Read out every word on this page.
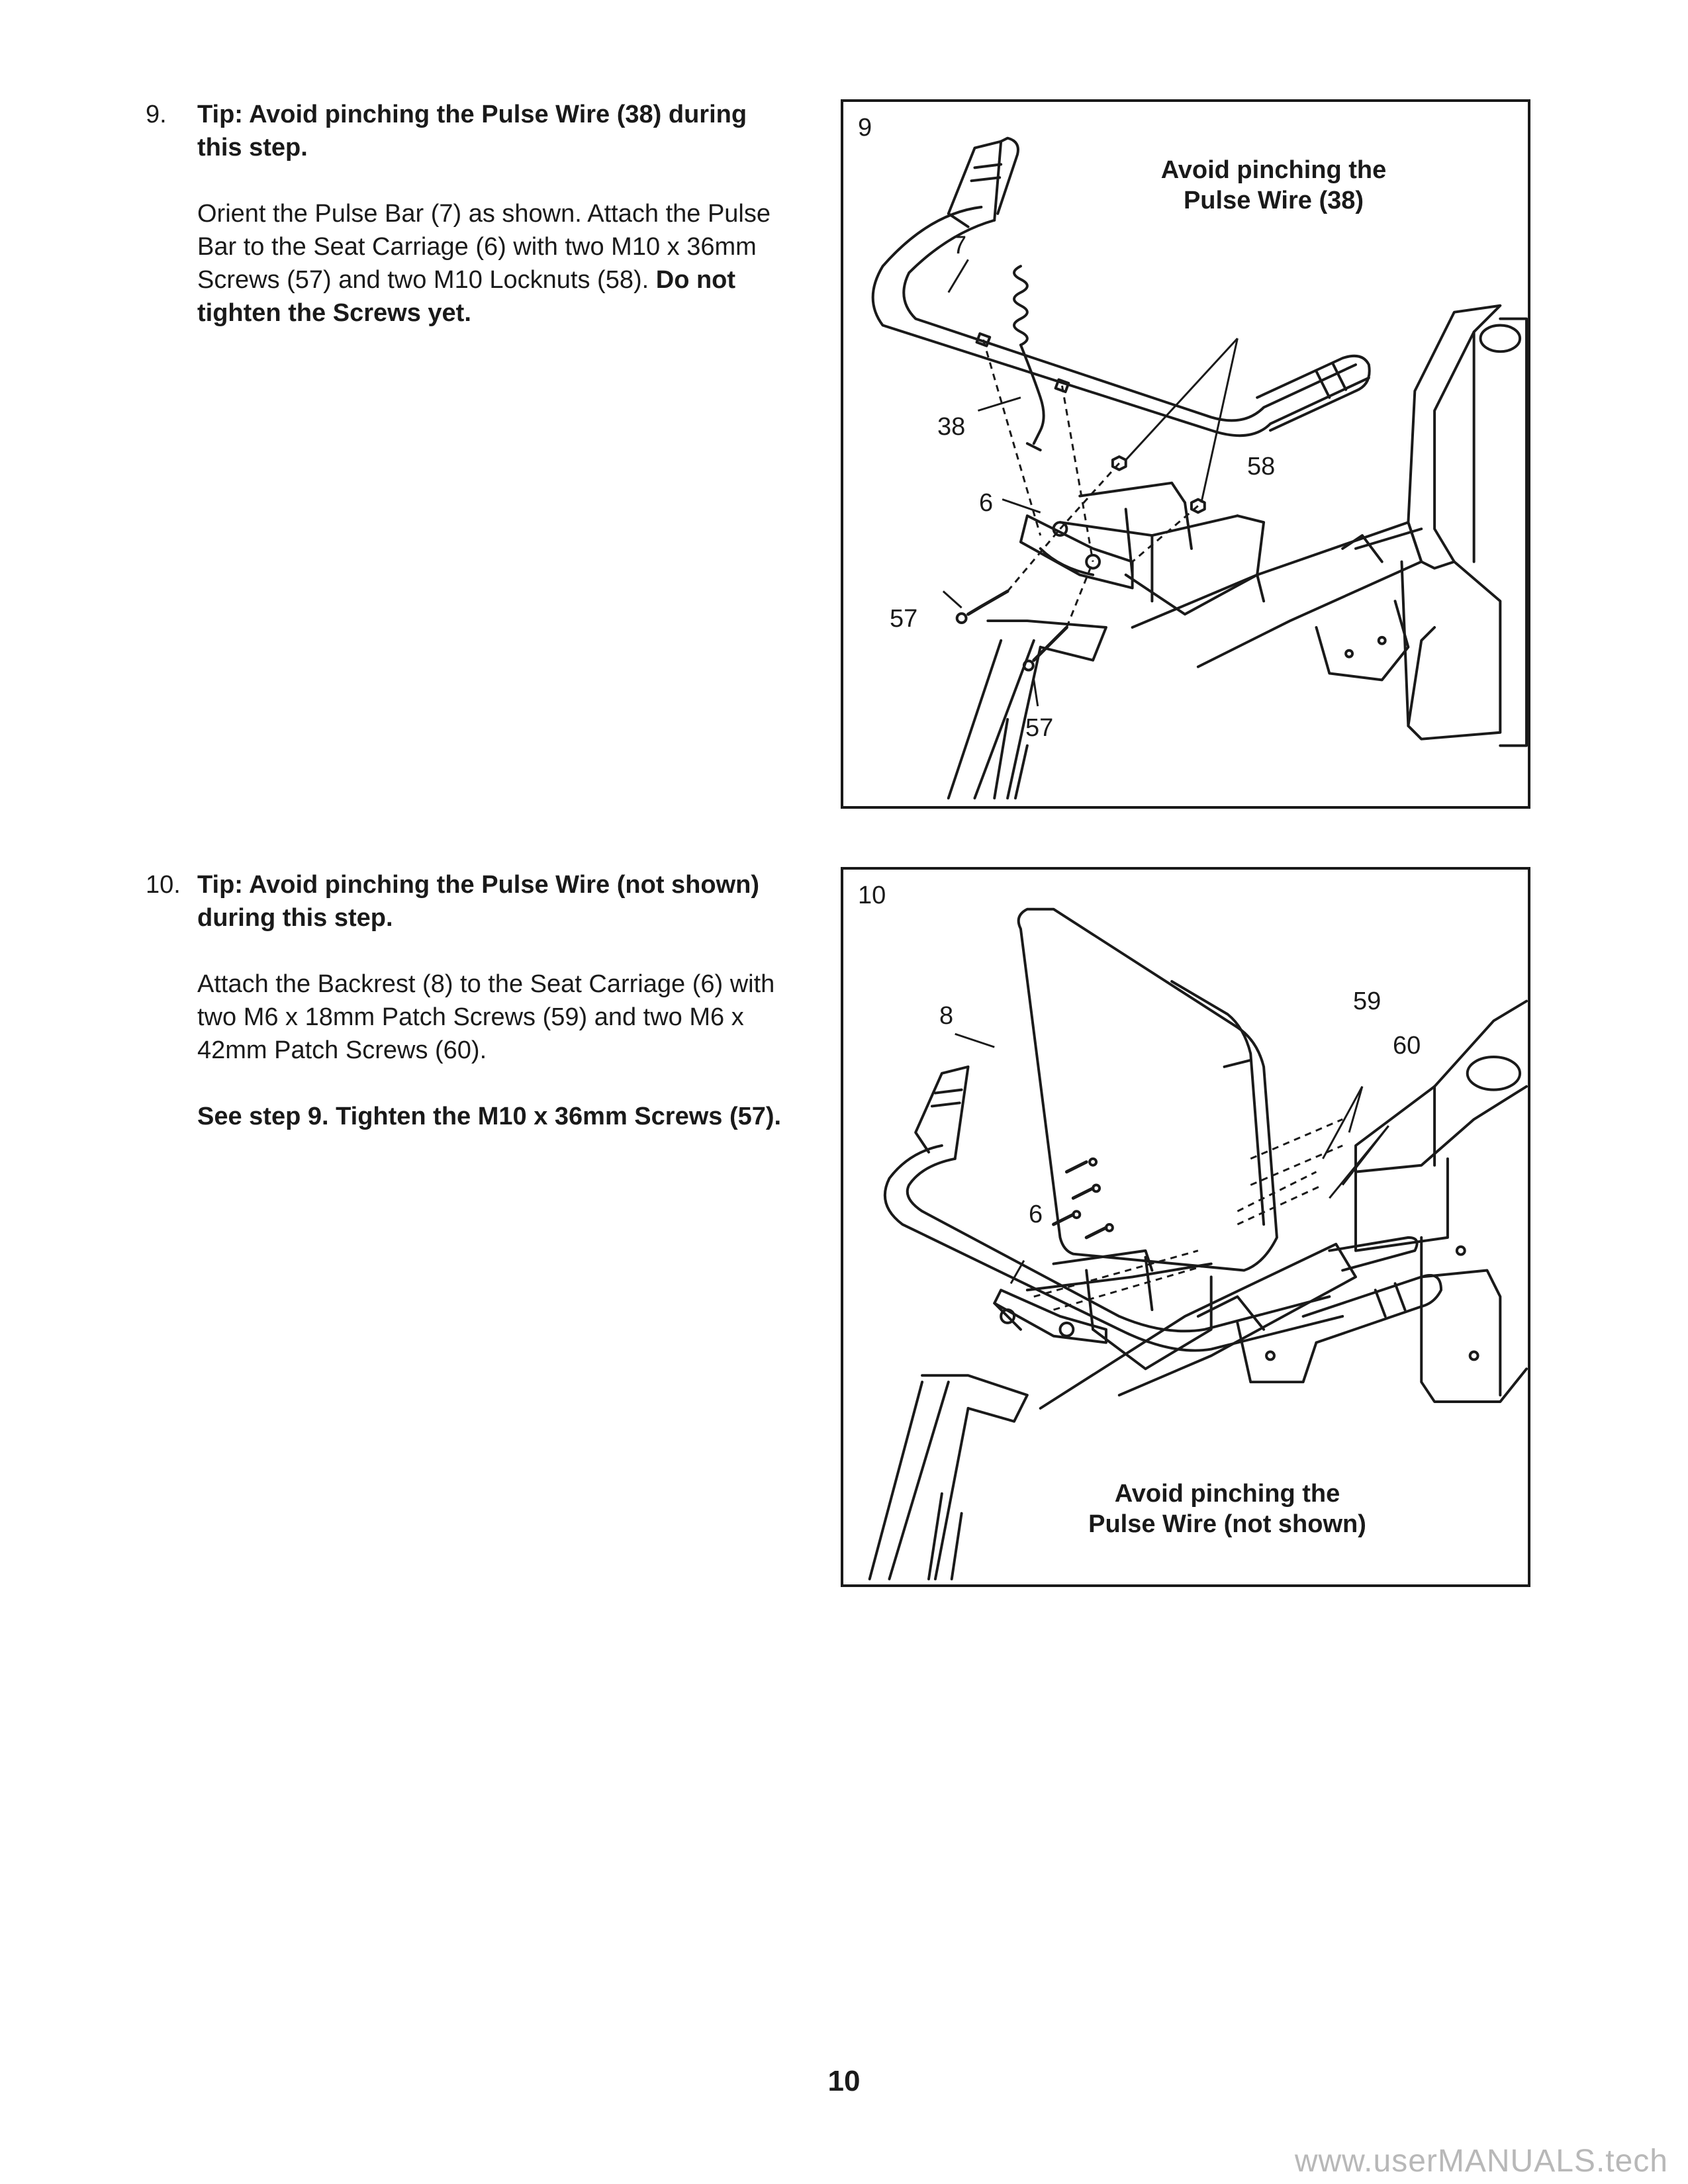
9. Tip: Avoid pinching the Pulse Wire (38) during this step.

Orient the Pulse Bar (7) as shown. Attach the Pulse Bar to the Seat Carriage (6) with two M10 x 36mm Screws (57) and two M10 Locknuts (58). Do not tighten the Screws yet.

9
Avoid pinching the
Pulse Wire (38)
7
38
58
6
57
57
10. Tip: Avoid pinching the Pulse Wire (not shown) during this step.

Attach the Backrest (8) to the Seat Carriage (6) with two M6 x 18mm Patch Screws (59) and two M6 x 42mm Patch Screws (60).

See step 9. Tighten the M10 x 36mm Screws (57).

10
Avoid pinching the
Pulse Wire (not shown)
8
59
60
6
10
www.userMANUALS.tech
